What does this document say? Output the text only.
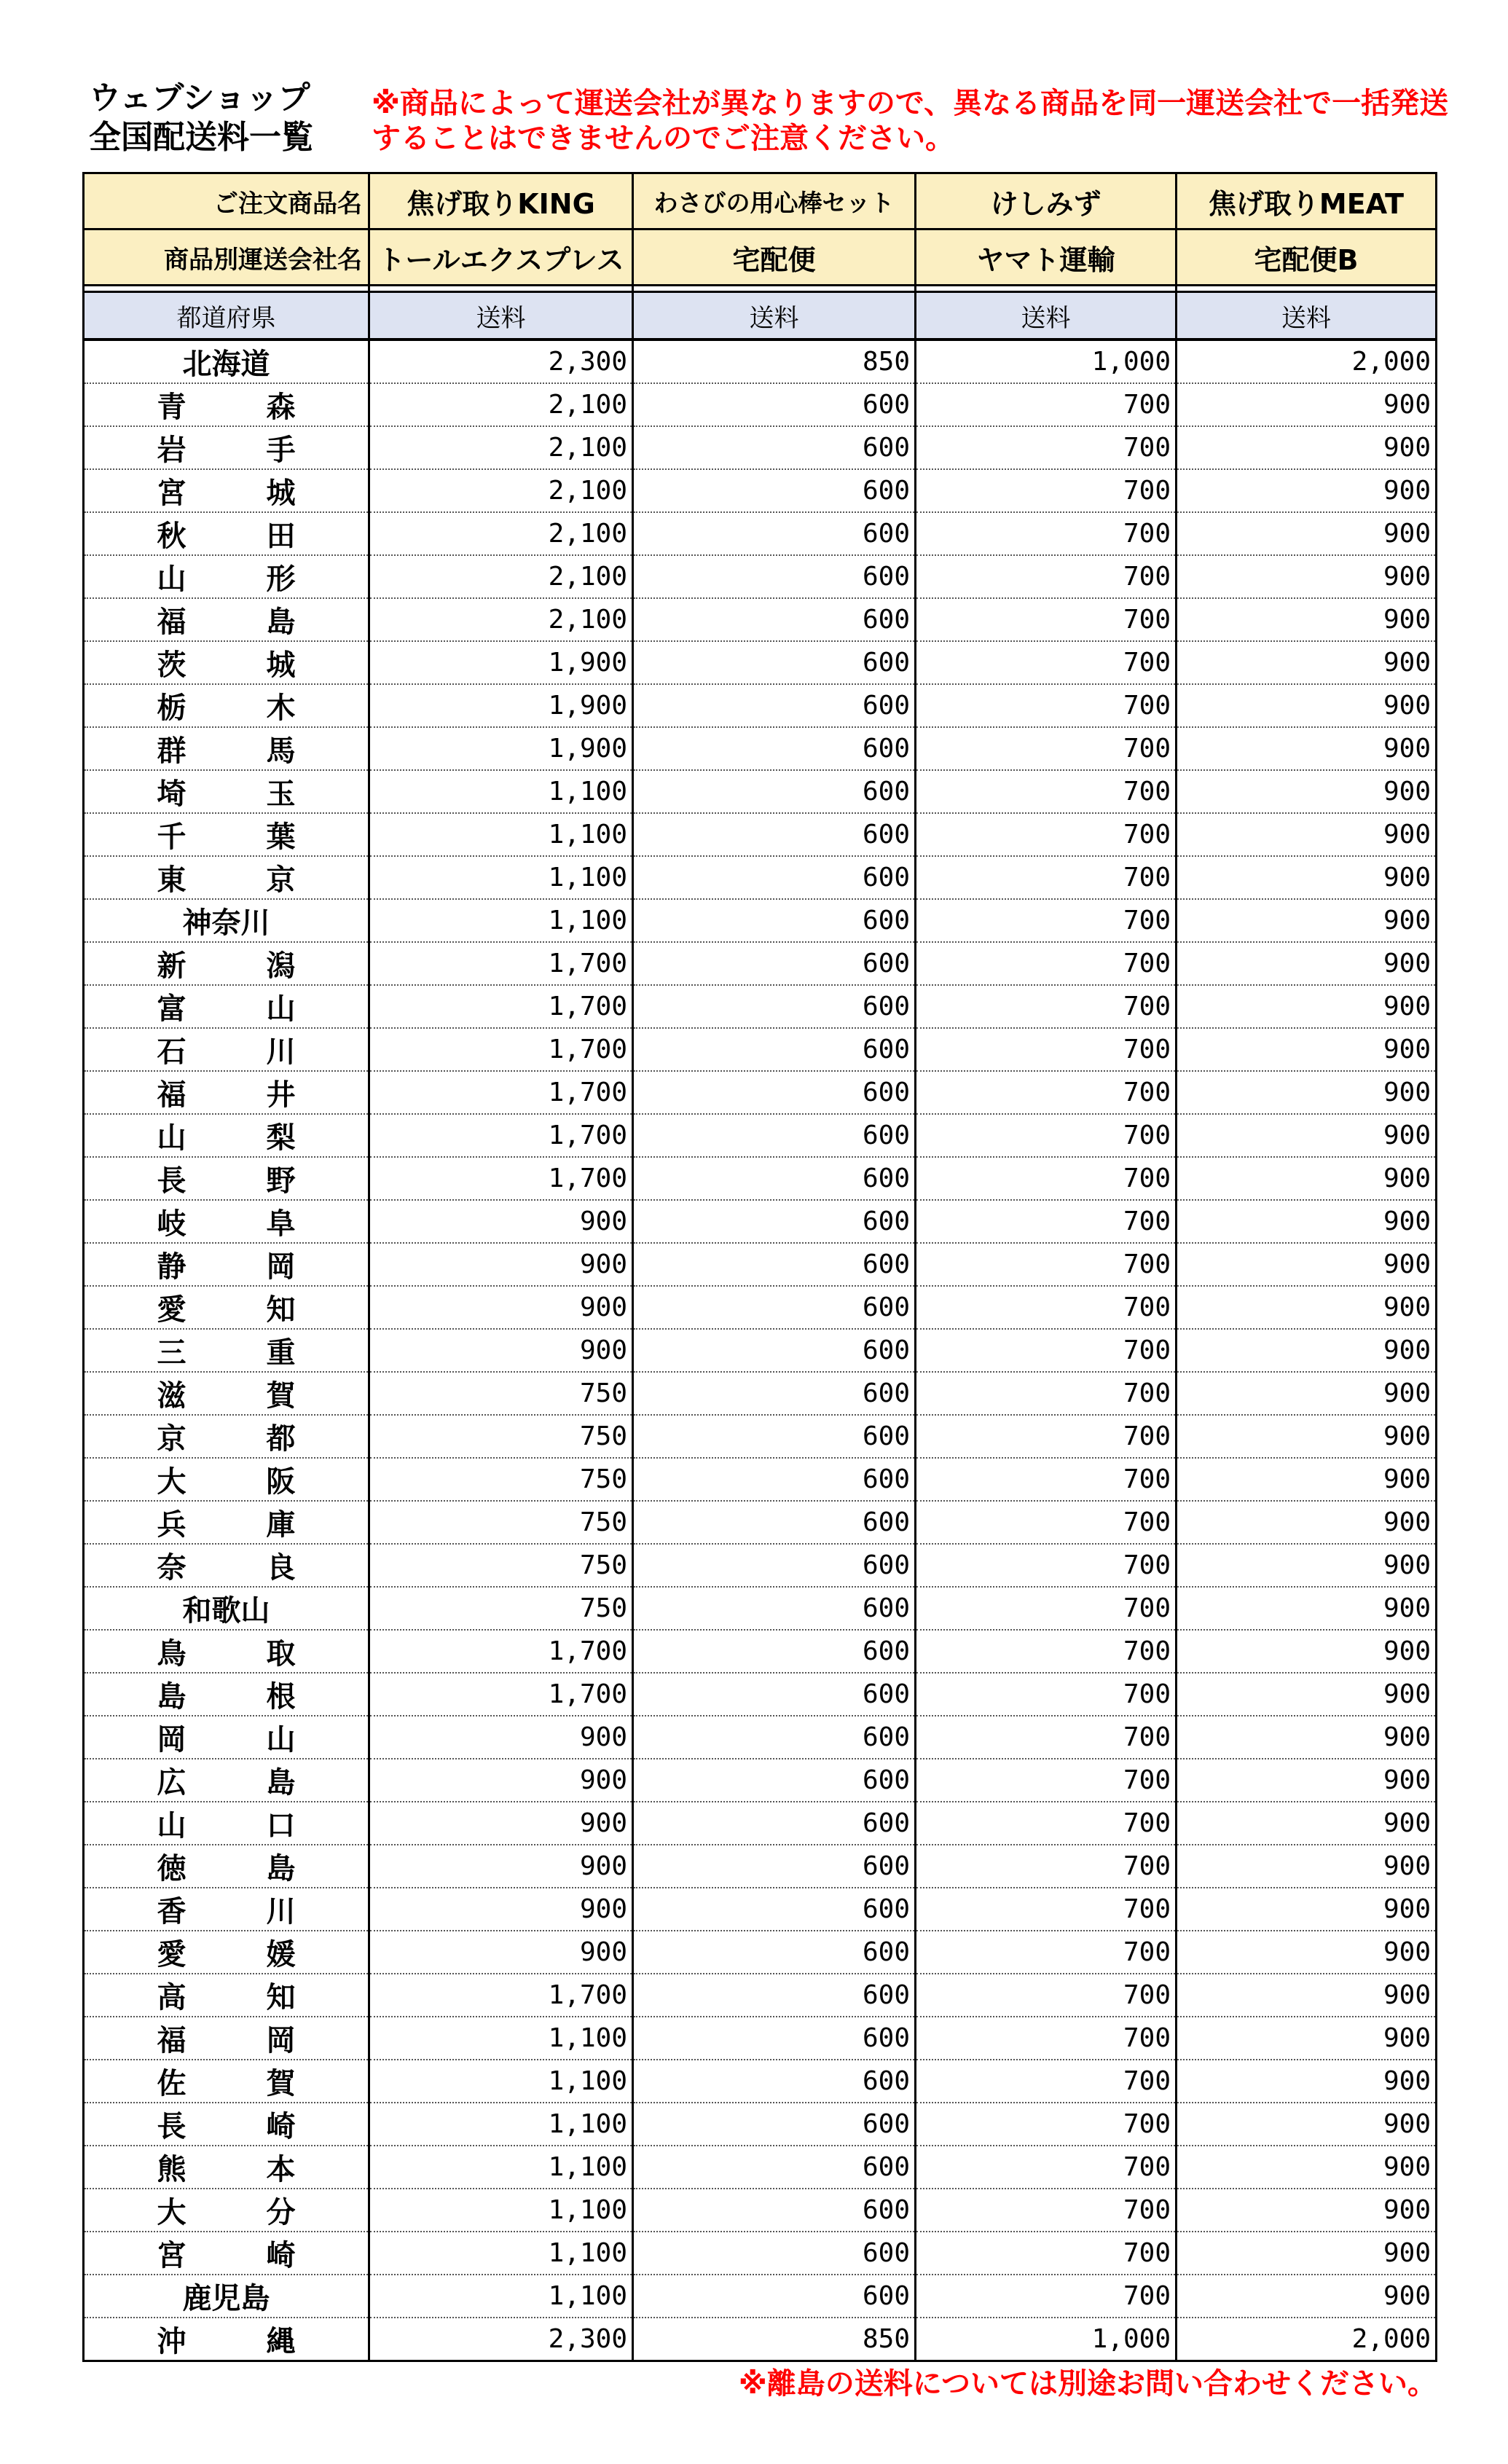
ウェブショップ
全国配送料一覧
※商品によって運送会社が異なりますので、異なる商品を同一運送会社で一括発送することはできませんのでご注意ください。
ご注文商品名	焦げ取りKING	わさびの用心棒セット	けしみず	焦げ取りMEAT
商品別運送会社名	トールエクスプレス	宅配便	ヤマト運輸	宅配便B

都道府県	送料	送料	送料	送料
北海道	2,300	850	1,000	2,000
青森	2,100	600	700	900
岩手	2,100	600	700	900
宮城	2,100	600	700	900
秋田	2,100	600	700	900
山形	2,100	600	700	900
福島	2,100	600	700	900
茨城	1,900	600	700	900
栃木	1,900	600	700	900
群馬	1,900	600	700	900
埼玉	1,100	600	700	900
千葉	1,100	600	700	900
東京	1,100	600	700	900
神奈川	1,100	600	700	900
新潟	1,700	600	700	900
富山	1,700	600	700	900
石川	1,700	600	700	900
福井	1,700	600	700	900
山梨	1,700	600	700	900
長野	1,700	600	700	900
岐阜	900	600	700	900
静岡	900	600	700	900
愛知	900	600	700	900
三重	900	600	700	900
滋賀	750	600	700	900
京都	750	600	700	900
大阪	750	600	700	900
兵庫	750	600	700	900
奈良	750	600	700	900
和歌山	750	600	700	900
鳥取	1,700	600	700	900
島根	1,700	600	700	900
岡山	900	600	700	900
広島	900	600	700	900
山口	900	600	700	900
徳島	900	600	700	900
香川	900	600	700	900
愛媛	900	600	700	900
高知	1,700	600	700	900
福岡	1,100	600	700	900
佐賀	1,100	600	700	900
長崎	1,100	600	700	900
熊本	1,100	600	700	900
大分	1,100	600	700	900
宮崎	1,100	600	700	900
鹿児島	1,100	600	700	900
沖縄	2,300	850	1,000	2,000
※離島の送料については別途お問い合わせください。
